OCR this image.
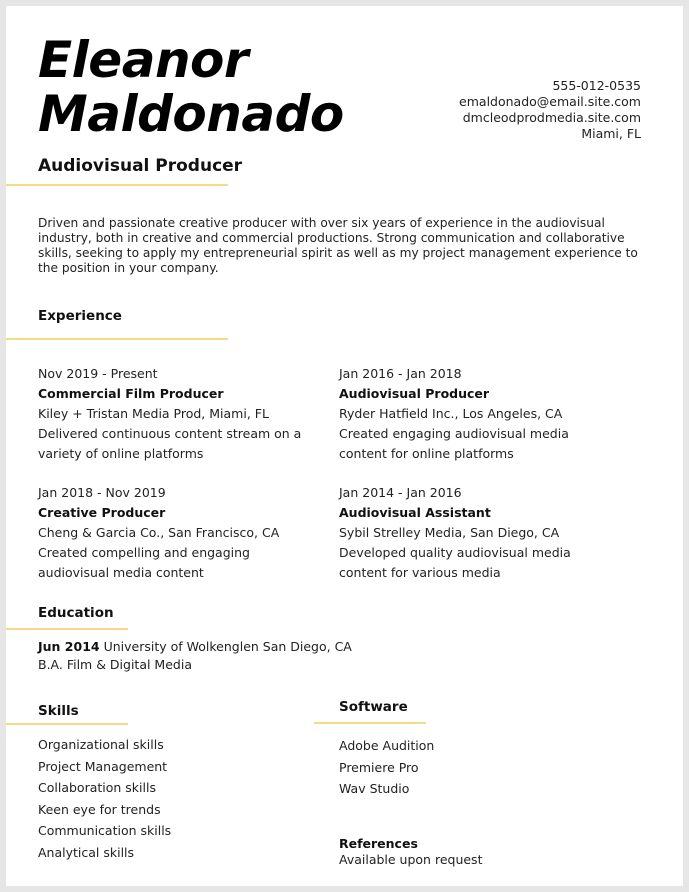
Eleanor
Maldonado	555-012-0535
emaldonado@email.site.com
dmcleodprodmedia.site.com
Miami, FL
Audiovisual Producer
Driven and passionate creative producer with over six years of experience in the audiovisual industry, both in creative and commercial productions. Strong communication and collaborative skills, seeking to apply my entrepreneurial spirit as well as my project management experience to the position in your company.
Experience
Nov 2019 - Present
Commercial Film Producer
Kiley + Tristan Media Prod, Miami, FL
Delivered continuous content stream on a variety of online platforms
Jan 2016 - Jan 2018
Audiovisual Producer
Ryder Hatfield Inc., Los Angeles, CA
Created engaging audiovisual media content for online platforms
Jan 2018 - Nov 2019
Creative Producer
Cheng & Garcia Co., San Francisco, CA
Created compelling and engaging audiovisual media content
Jan 2014 - Jan 2016
Audiovisual Assistant
Sybil Strelley Media, San Diego, CA
Developed quality audiovisual media content for various media
Education
Jun 2014 University of Wolkenglen San Diego, CA
B.A. Film & Digital Media
Skills
Organizational skills
Project Management
Collaboration skills
Keen eye for trends
Communication skills
Analytical skills
Software
Adobe Audition
Premiere Pro
Wav Studio
References
Available upon request
